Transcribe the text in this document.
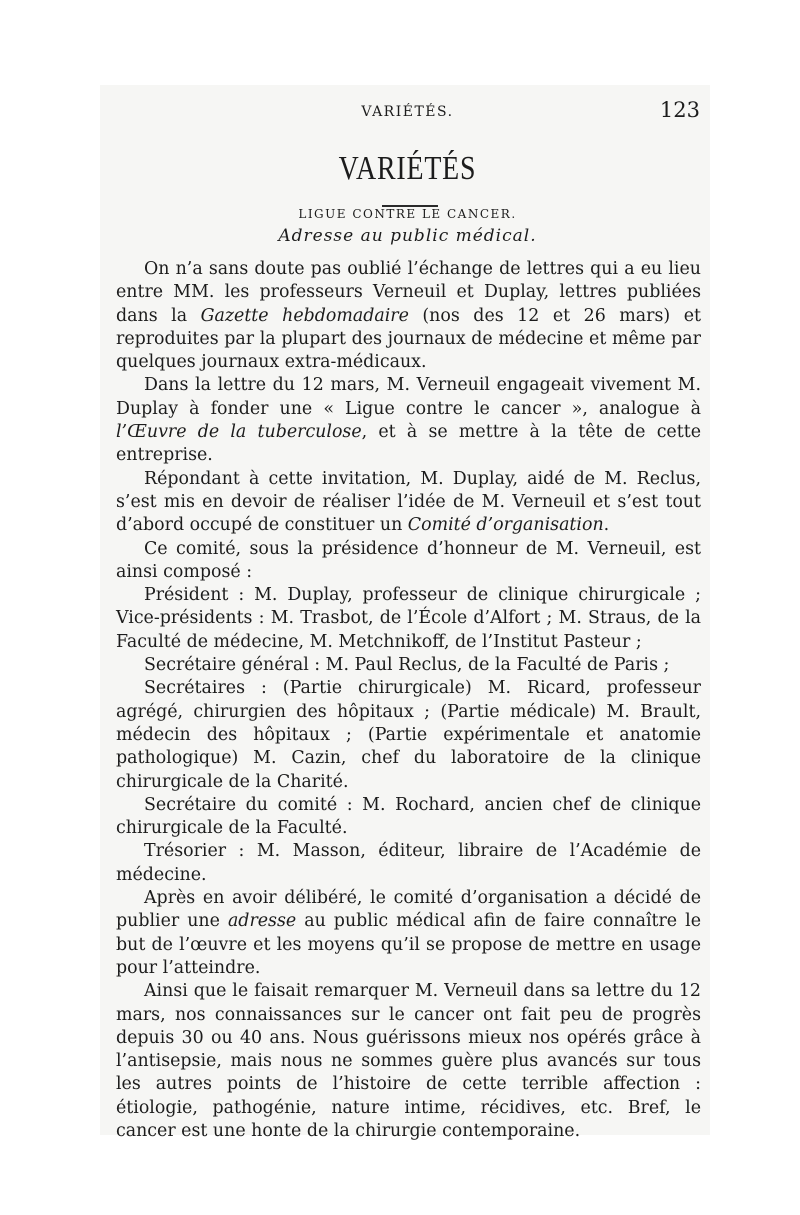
VARIÉTÉS.	123
VARIÉTÉS
LIGUE CONTRE LE CANCER.
Adresse au public médical.

On n’a sans doute pas oublié l’échange de lettres qui a eu lieu entre MM. les professeurs Verneuil et Duplay, lettres publiées dans la Gazette hebdomadaire (nos des 12 et 26 mars) et reproduites par la plupart des journaux de médecine et même par quelques journaux extra-médicaux.

Dans la lettre du 12 mars, M. Verneuil engageait vivement M. Duplay à fonder une « Ligue contre le cancer », analogue à l’Œuvre de la tuberculose, et à se mettre à la tête de cette entreprise.

Répondant à cette invitation, M. Duplay, aidé de M. Reclus, s’est mis en devoir de réaliser l’idée de M. Verneuil et s’est tout d’abord occupé de constituer un Comité d’organisation.

Ce comité, sous la présidence d’honneur de M. Verneuil, est ainsi composé :

Président : M. Duplay, professeur de clinique chirurgicale ; Vice-présidents : M. Trasbot, de l’École d’Alfort ; M. Straus, de la Faculté de médecine, M. Metchnikoff, de l’Institut Pasteur ;

Secrétaire général : M. Paul Reclus, de la Faculté de Paris ;

Secrétaires : (Partie chirurgicale) M. Ricard, professeur agrégé, chirurgien des hôpitaux ; (Partie médicale) M. Brault, médecin des hôpitaux ; (Partie expérimentale et anatomie pathologique) M. Cazin, chef du laboratoire de la clinique chirurgicale de la Charité.

Secrétaire du comité : M. Rochard, ancien chef de clinique chirurgicale de la Faculté.

Trésorier : M. Masson, éditeur, libraire de l’Académie de médecine.

Après en avoir délibéré, le comité d’organisation a décidé de publier une adresse au public médical afin de faire connaître le but de l’œuvre et les moyens qu’il se propose de mettre en usage pour l’atteindre.

Ainsi que le faisait remarquer M. Verneuil dans sa lettre du 12 mars, nos connaissances sur le cancer ont fait peu de progrès depuis 30 ou 40 ans. Nous guérissons mieux nos opérés grâce à l’antisepsie, mais nous ne sommes guère plus avancés sur tous les autres points de l’histoire de cette terrible affection : étiologie, pathogénie, nature intime, récidives, etc. Bref, le cancer est une honte de la chirurgie contemporaine.
